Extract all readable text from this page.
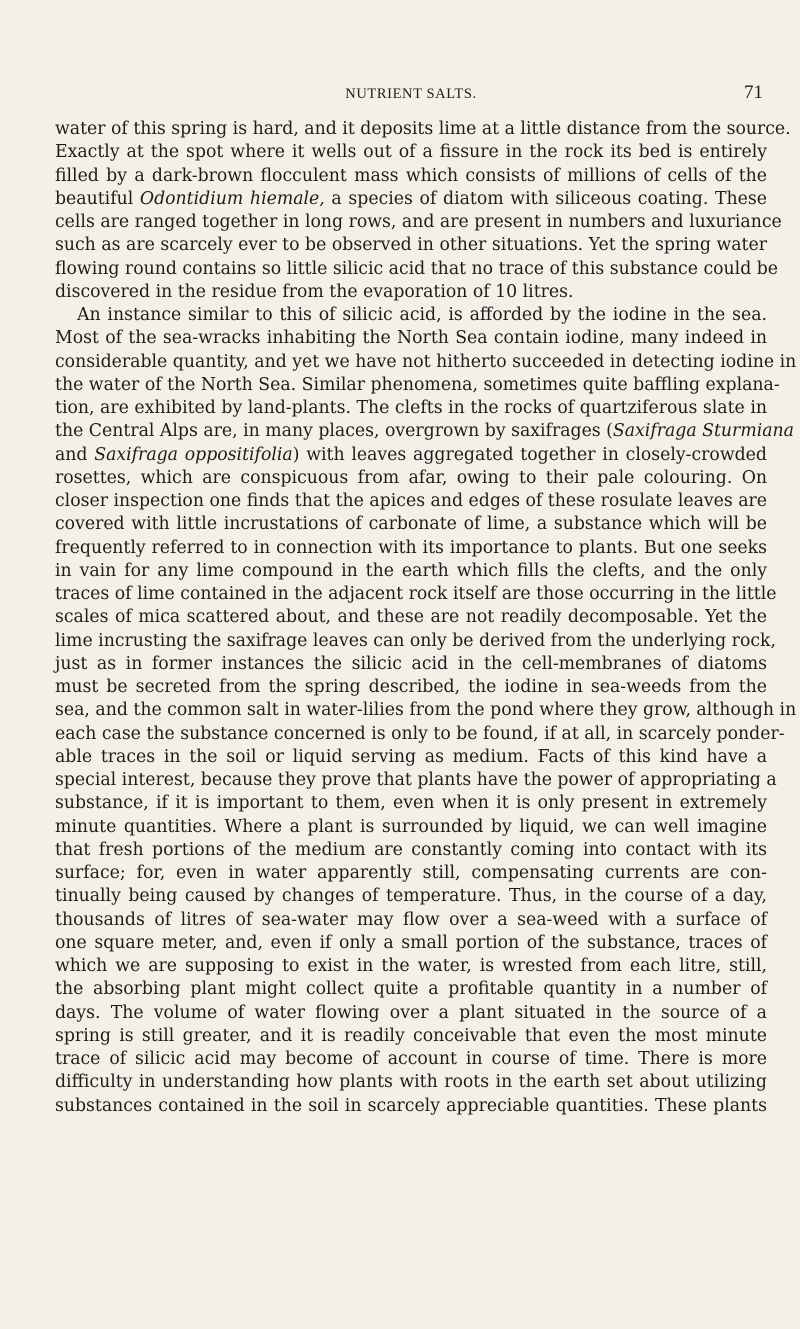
NUTRIENT SALTS.	71
water of this spring is hard, and it deposits lime at a little distance from the source.
Exactly at the spot where it wells out of a fissure in the rock its bed is entirely
filled by a dark-brown flocculent mass which consists of millions of cells of the
beautiful Odontidium hiemale, a species of diatom with siliceous coating. These
cells are ranged together in long rows, and are present in numbers and luxuriance
such as are scarcely ever to be observed in other situations. Yet the spring water
flowing round contains so little silicic acid that no trace of this substance could be
discovered in the residue from the evaporation of 10 litres.
An instance similar to this of silicic acid, is afforded by the iodine in the sea.
Most of the sea-wracks inhabiting the North Sea contain iodine, many indeed in
considerable quantity, and yet we have not hitherto succeeded in detecting iodine in
the water of the North Sea. Similar phenomena, sometimes quite baffling explana-
tion, are exhibited by land-plants. The clefts in the rocks of quartziferous slate in
the Central Alps are, in many places, overgrown by saxifrages (Saxifraga Sturmiana
and Saxifraga oppositifolia) with leaves aggregated together in closely-crowded
rosettes, which are conspicuous from afar, owing to their pale colouring. On
closer inspection one finds that the apices and edges of these rosulate leaves are
covered with little incrustations of carbonate of lime, a substance which will be
frequently referred to in connection with its importance to plants. But one seeks
in vain for any lime compound in the earth which fills the clefts, and the only
traces of lime contained in the adjacent rock itself are those occurring in the little
scales of mica scattered about, and these are not readily decomposable. Yet the
lime incrusting the saxifrage leaves can only be derived from the underlying rock,
just as in former instances the silicic acid in the cell-membranes of diatoms
must be secreted from the spring described, the iodine in sea-weeds from the
sea, and the common salt in water-lilies from the pond where they grow, although in
each case the substance concerned is only to be found, if at all, in scarcely ponder-
able traces in the soil or liquid serving as medium. Facts of this kind have a
special interest, because they prove that plants have the power of appropriating a
substance, if it is important to them, even when it is only present in extremely
minute quantities. Where a plant is surrounded by liquid, we can well imagine
that fresh portions of the medium are constantly coming into contact with its
surface; for, even in water apparently still, compensating currents are con-
tinually being caused by changes of temperature. Thus, in the course of a day,
thousands of litres of sea-water may flow over a sea-weed with a surface of
one square meter, and, even if only a small portion of the substance, traces of
which we are supposing to exist in the water, is wrested from each litre, still,
the absorbing plant might collect quite a profitable quantity in a number of
days. The volume of water flowing over a plant situated in the source of a
spring is still greater, and it is readily conceivable that even the most minute
trace of silicic acid may become of account in course of time. There is more
difficulty in understanding how plants with roots in the earth set about utilizing
substances contained in the soil in scarcely appreciable quantities. These plants
